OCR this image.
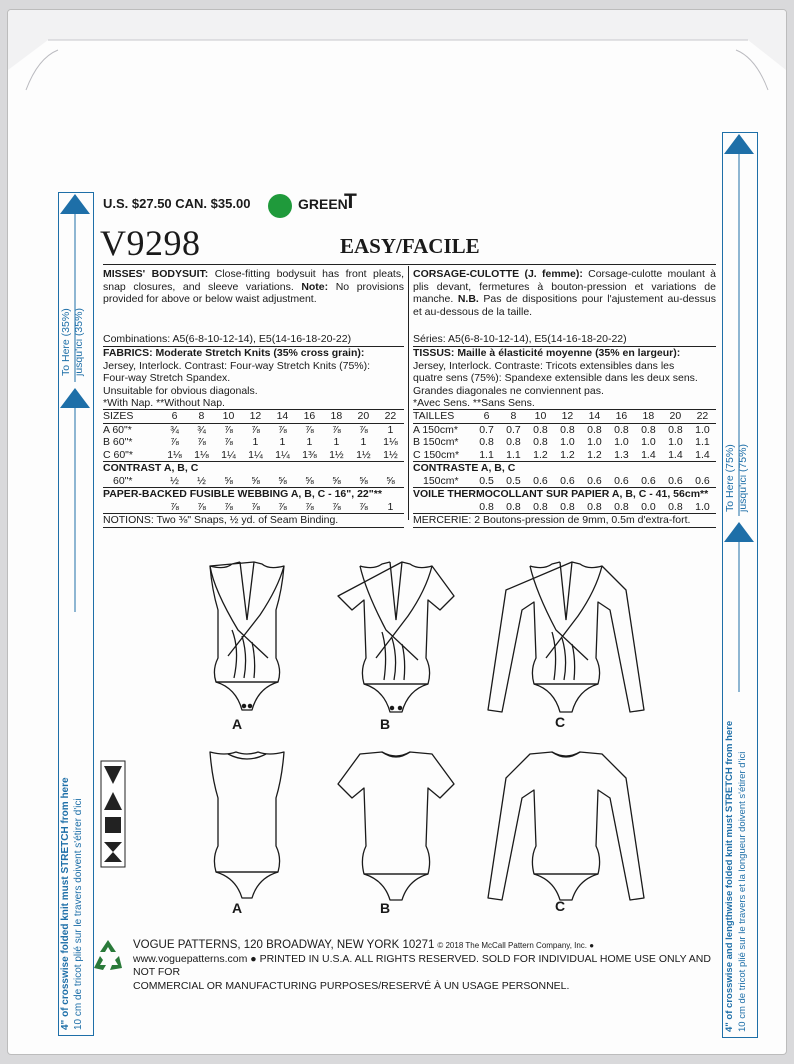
U.S. $27.50 CAN. $35.00	GREEN
T
V9298	EASY/FACILE
MISSES' BODYSUIT: Close-fitting bodysuit has front pleats, snap closures, and sleeve variations. Note: No provisions provided for above or below waist adjustment.
Combinations: A5(6-8-10-12-14), E5(14-16-18-20-22)
FABRICS: Moderate Stretch Knits (35% cross grain):
Jersey, Interlock. Contrast: Four-way Stretch Knits (75%):
Four-way Stretch Spandex.
Unsuitable for obvious diagonals.
*With Nap. **Without Nap.
SIZES	6	8	10	12	14	16	18	20	22
A 60"*	¾	¾	⅞	⅞	⅞	⅞	⅞	⅞	1
B 60"*	⅞	⅞	⅞	1	1	1	1	1	1⅛
C 60"*	1⅛	1⅛	1¼	1¼	1¼	1⅜	1½	1½	1½
CONTRAST A, B, C									
60"*	½	½	⅝	⅝	⅝	⅝	⅝	⅝	⅝
PAPER-BACKED FUSIBLE WEBBING A, B, C - 16", 22"**									
	⅞	⅞	⅞	⅞	⅞	⅞	⅞	⅞	1
NOTIONS: Two ⅜" Snaps, ½ yd. of Seam Binding.									
CORSAGE-CULOTTE (J. femme): Corsage-culotte moulant à plis devant, fermetures à bouton-pression et variations de manche. N.B. Pas de dispositions pour l'ajustement au-dessus et au-dessous de la taille.
Séries: A5(6-8-10-12-14), E5(14-16-18-20-22)
TISSUS: Maille à élasticité moyenne (35% en largeur):
Jersey, Interlock. Contraste: Tricots extensibles dans les
quatre sens (75%): Spandexe extensible dans les deux sens.
Grandes diagonales ne conviennent pas.
*Avec Sens. **Sans Sens.
TAILLES	6	8	10	12	14	16	18	20	22
A 150cm*	0.7	0.7	0.8	0.8	0.8	0.8	0.8	0.8	1.0
B 150cm*	0.8	0.8	0.8	1.0	1.0	1.0	1.0	1.0	1.1
C 150cm*	1.1	1.1	1.2	1.2	1.2	1.3	1.4	1.4	1.4
CONTRASTE A, B, C									
150cm*	0.5	0.5	0.6	0.6	0.6	0.6	0.6	0.6	0.6
VOILE THERMOCOLLANT SUR PAPIER A, B, C - 41, 56cm**									
	0.8	0.8	0.8	0.8	0.8	0.8	0.0	0.8	1.0
MERCERIE: 2 Boutons-pression de 9mm, 0.5m d'extra-fort.									
To Here (35%) jusqu'ici (35%)
4" of crosswise folded knit must STRETCH from here 10 cm de tricot plié sur le travers doivent s'étirer d'ici
To Here (75%) jusqu'ici (75%)
4" of crosswise and lengthwise folded knit must STRETCH from here 10 cm de tricot plié sur le travers et la longueur doivent s'étirer d'ici
A	B	C
A	B	C
VOGUE PATTERNS, 120 BROADWAY, NEW YORK 10271 © 2018 The McCall Pattern Company, Inc. ●
www.voguepatterns.com ● PRINTED IN U.S.A. ALL RIGHTS RESERVED. SOLD FOR INDIVIDUAL HOME USE ONLY AND NOT FOR
COMMERCIAL OR MANUFACTURING PURPOSES/RESERVÉ À UN USAGE PERSONNEL.
